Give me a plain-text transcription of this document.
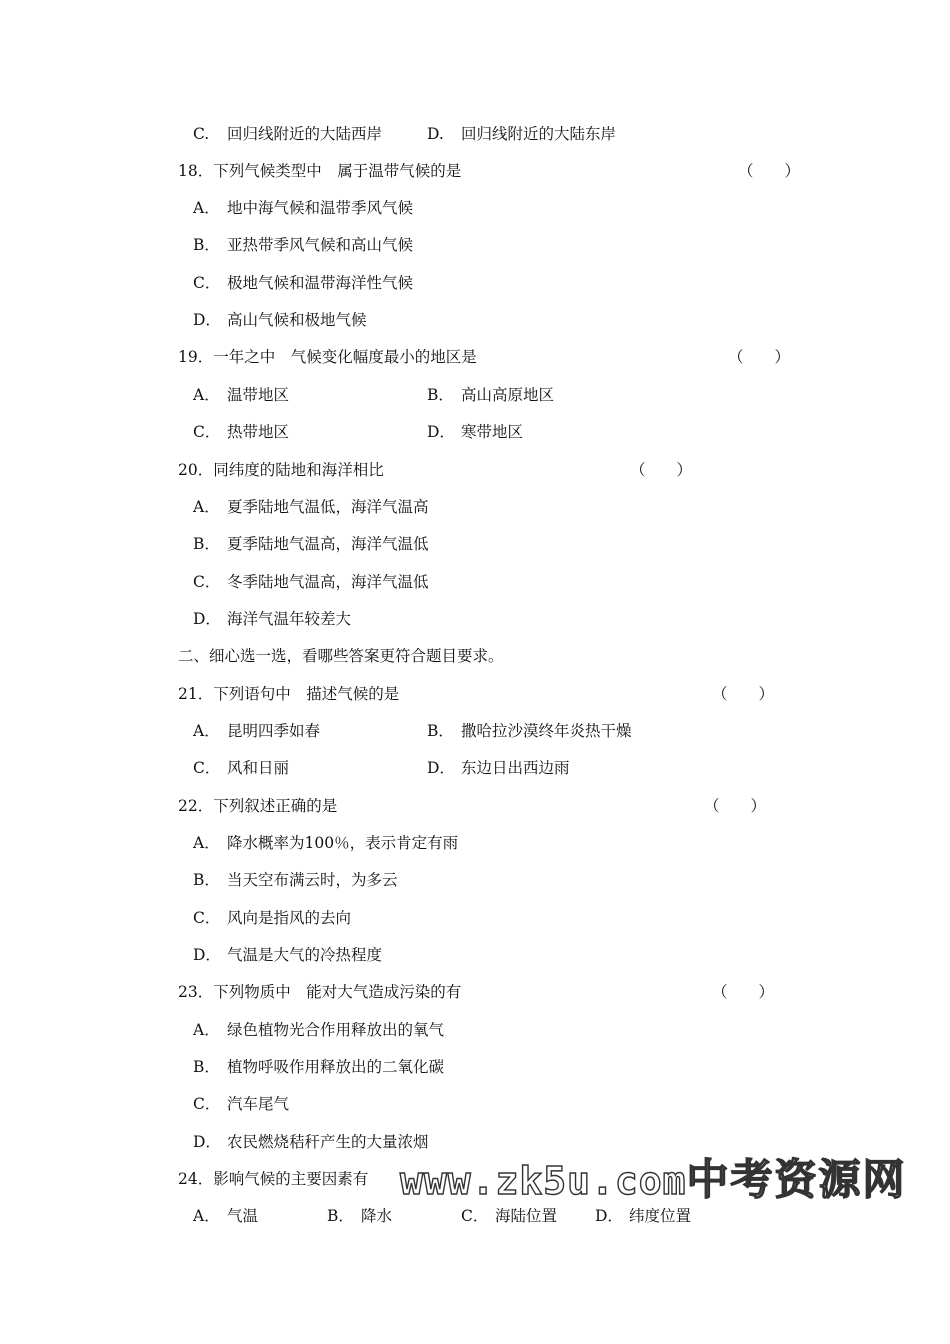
C. 回归线附近的大陆西岸	D. 回归线附近的大陆东岸
18．下列气候类型中　属于温带气候的是	（　　）
A． 地中海气候和温带季风气候
B． 亚热带季风气候和高山气候
C． 极地气候和温带海洋性气候
D． 高山气候和极地气候
19．一年之中　气候变化幅度最小的地区是	（　　）
A． 温带地区	B． 高山高原地区
C． 热带地区	D． 寒带地区
20．同纬度的陆地和海洋相比	（　　）
A． 夏季陆地气温低，海洋气温高
B． 夏季陆地气温高，海洋气温低
C． 冬季陆地气温高，海洋气温低
D． 海洋气温年较差大
二、细心选一选，看哪些答案更符合题目要求。
21．下列语句中　描述气候的是	（　　）
A． 昆明四季如春	B． 撒哈拉沙漠终年炎热干燥
C． 风和日丽	D． 东边日出西边雨
22．下列叙述正确的是	（　　）
A． 降水概率为100％，表示肯定有雨
B． 当天空布满云时，为多云
C． 风向是指风的去向
D． 气温是大气的冷热程度
23．下列物质中　能对大气造成污染的有	（　　）
A． 绿色植物光合作用释放出的氧气
B． 植物呼吸作用释放出的二氧化碳
C． 汽车尾气
D． 农民燃烧秸秆产生的大量浓烟
24．影响气候的主要因素有
A． 气温	B． 降水	C． 海陆位置 D． 纬度位置
www.zk5u.com中考资源网
